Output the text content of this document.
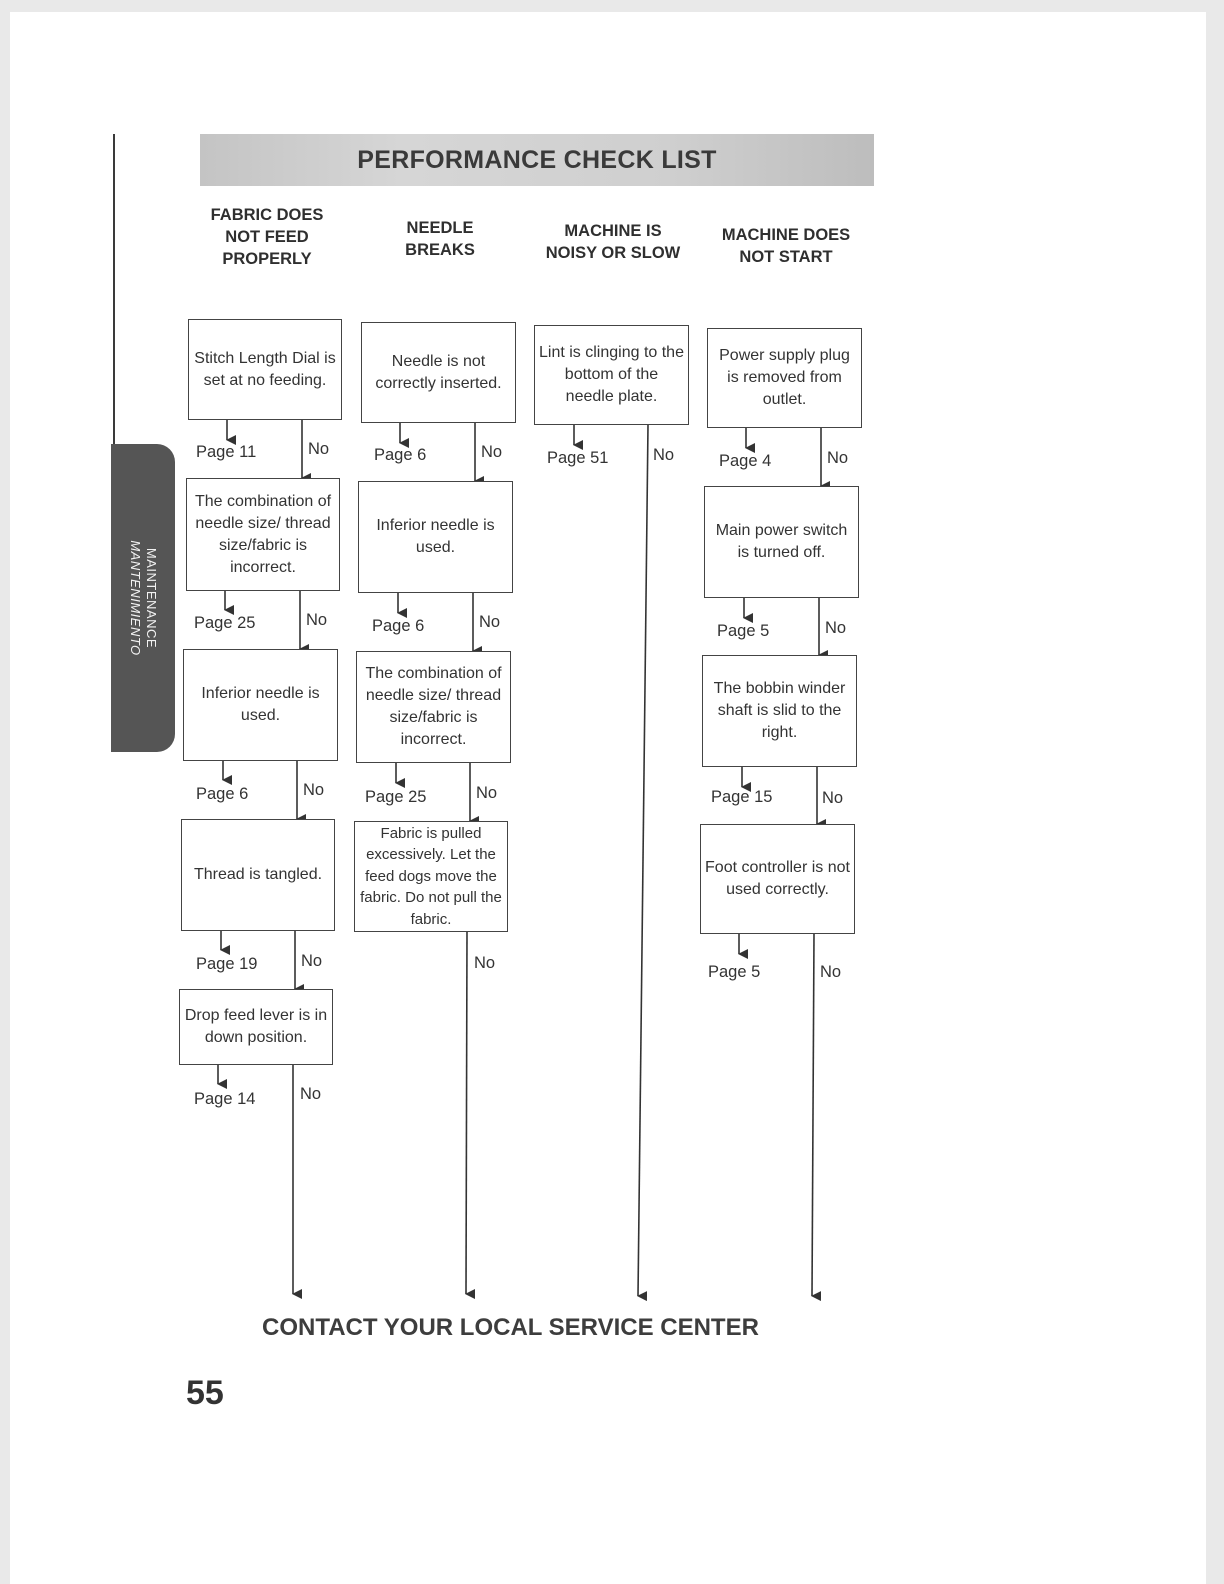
MAINTENANCE
MANTENIMIENTO
PERFORMANCE CHECK LIST
FABRIC DOES
NOT FEED
PROPERLY
NEEDLE
BREAKS
MACHINE IS
NOISY OR SLOW
MACHINE DOES
NOT START
Stitch Length Dial is set at no feeding.
The combination of needle size/ thread size/fabric is incorrect.
Inferior needle is used.
Thread is tangled.
Drop feed lever is in down position.
Page 11
Page 25
Page 6
Page 19
Page 14
No
No
No
No
No
Needle is not correctly inserted.
Inferior needle is used.
The combination of needle size/ thread size/fabric is incorrect.
Fabric is pulled excessively. Let the feed dogs move the fabric. Do not pull the fabric.
Page 6
Page 6
Page 25
No
No
No
No
Lint is clinging to the bottom of the needle plate.
Page 51	No
Power supply plug is removed from outlet.
Main power switch is turned off.
The bobbin winder shaft is slid to the right.
Foot controller is not used correctly.
Page 4
Page 5
Page 15
Page 5
No
No
No
No
CONTACT YOUR LOCAL SERVICE CENTER
55
